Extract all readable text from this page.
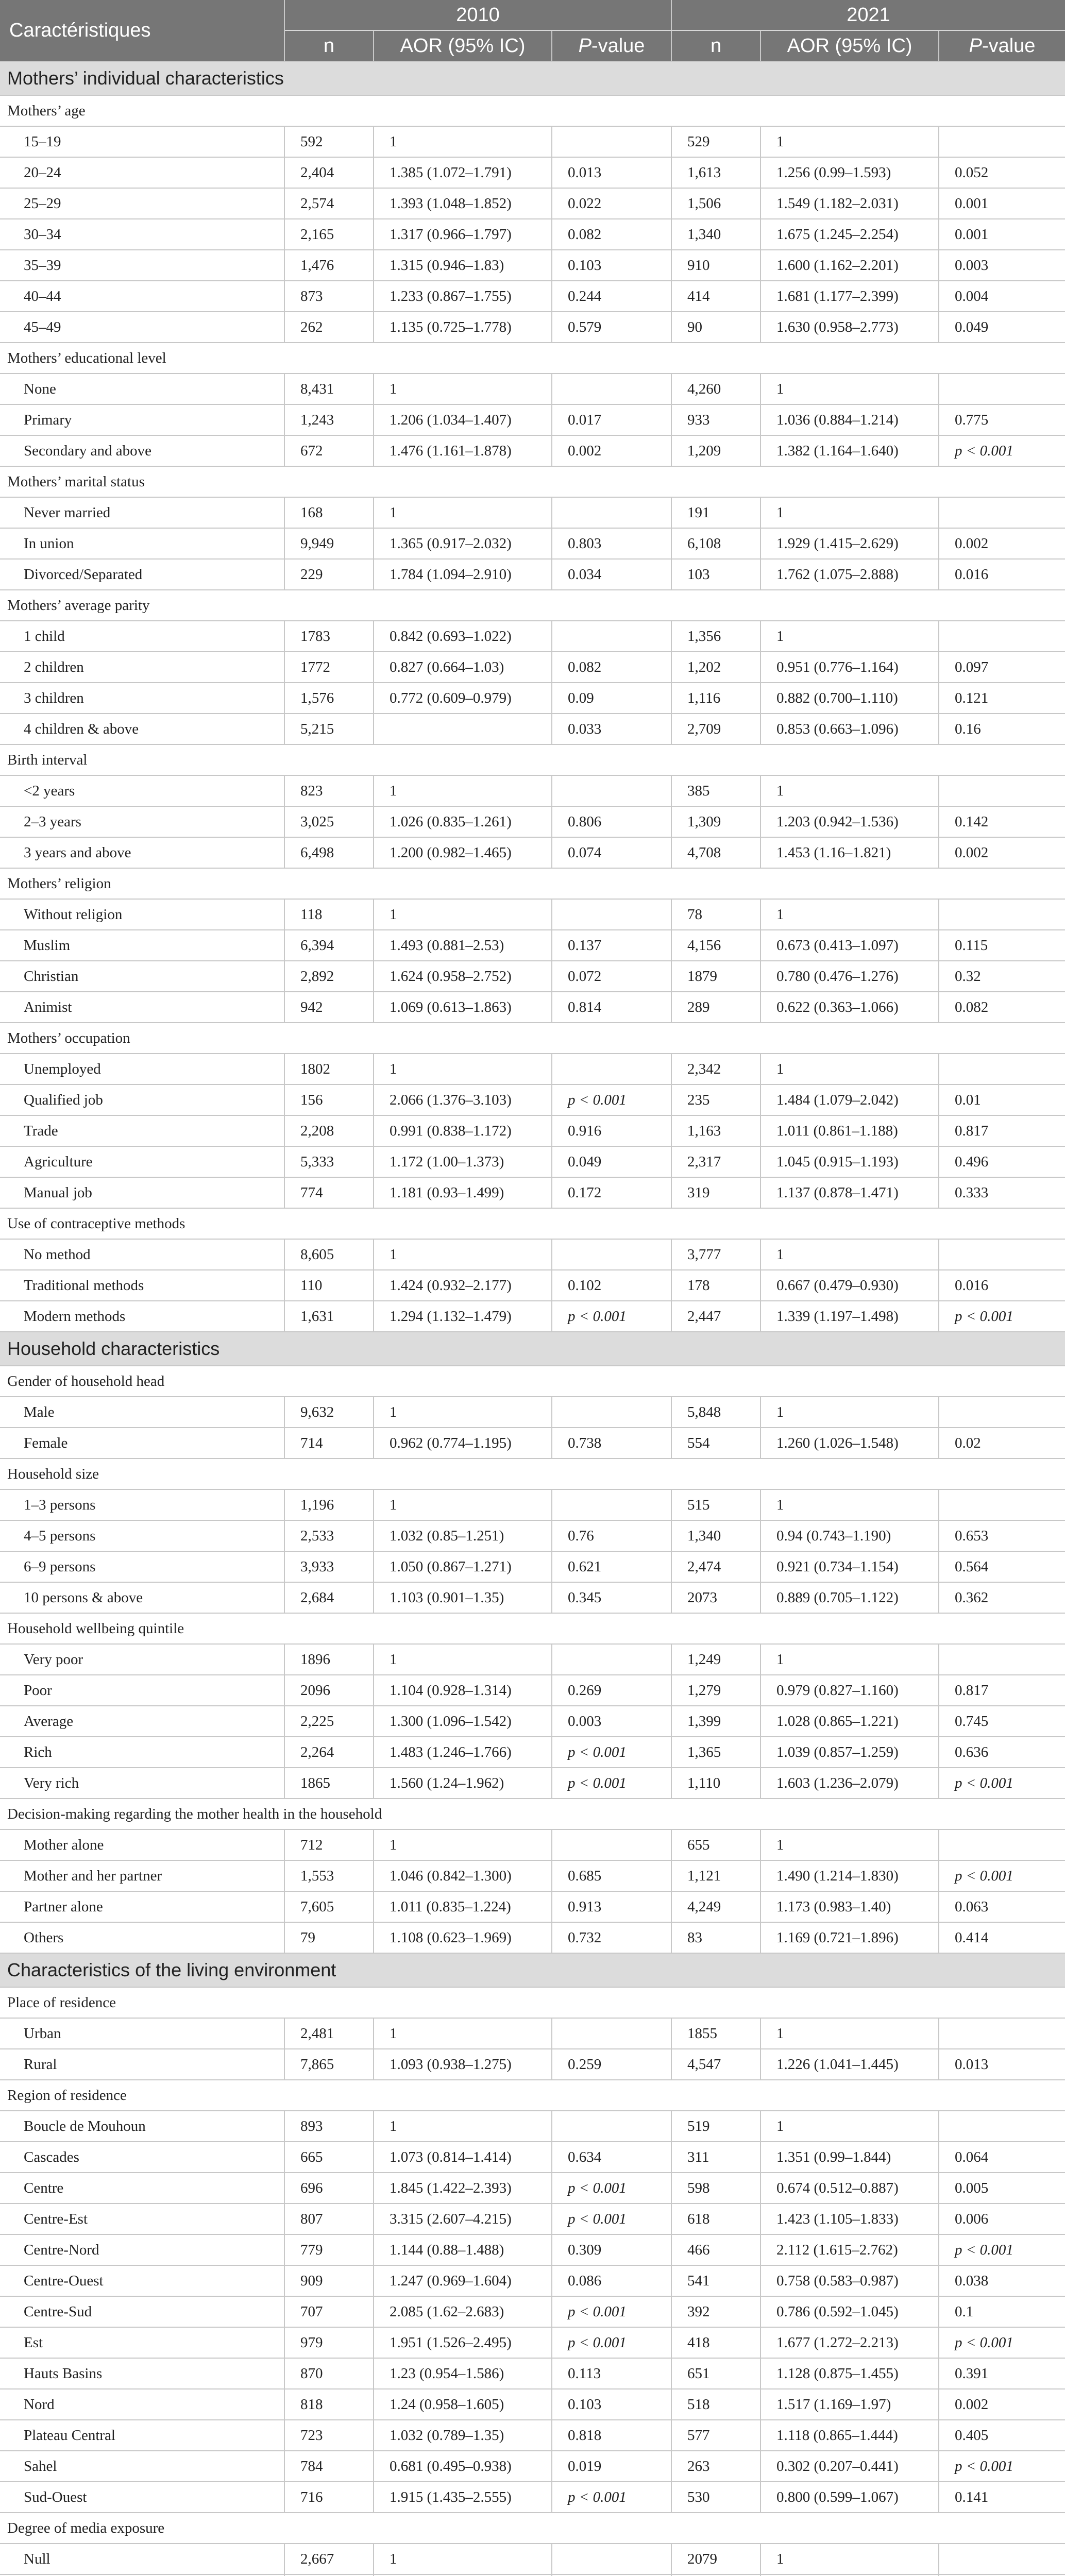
Caractéristiques	2010			2021		
	n	AOR (95% IC)	P-value	n	AOR (95% IC)	P-value
Mothers’ individual characteristics						
Mothers’ age						
15–19	592	1		529	1	
20–24	2,404	1.385 (1.072–1.791)	0.013	1,613	1.256 (0.99–1.593)	0.052
25–29	2,574	1.393 (1.048–1.852)	0.022	1,506	1.549 (1.182–2.031)	0.001
30–34	2,165	1.317 (0.966–1.797)	0.082	1,340	1.675 (1.245–2.254)	0.001
35–39	1,476	1.315 (0.946–1.83)	0.103	910	1.600 (1.162–2.201)	0.003
40–44	873	1.233 (0.867–1.755)	0.244	414	1.681 (1.177–2.399)	0.004
45–49	262	1.135 (0.725–1.778)	0.579	90	1.630 (0.958–2.773)	0.049
Mothers’ educational level						
None	8,431	1		4,260	1	
Primary	1,243	1.206 (1.034–1.407)	0.017	933	1.036 (0.884–1.214)	0.775
Secondary and above	672	1.476 (1.161–1.878)	0.002	1,209	1.382 (1.164–1.640)	p < 0.001
Mothers’ marital status						
Never married	168	1		191	1	
In union	9,949	1.365 (0.917–2.032)	0.803	6,108	1.929 (1.415–2.629)	0.002
Divorced/Separated	229	1.784 (1.094–2.910)	0.034	103	1.762 (1.075–2.888)	0.016
Mothers’ average parity						
1 child	1783	0.842 (0.693–1.022)		1,356	1	
2 children	1772	0.827 (0.664–1.03)	0.082	1,202	0.951 (0.776–1.164)	0.097
3 children	1,576	0.772 (0.609–0.979)	0.09	1,116	0.882 (0.700–1.110)	0.121
4 children & above	5,215		0.033	2,709	0.853 (0.663–1.096)	0.16
Birth interval						
<2 years	823	1		385	1	
2–3 years	3,025	1.026 (0.835–1.261)	0.806	1,309	1.203 (0.942–1.536)	0.142
3 years and above	6,498	1.200 (0.982–1.465)	0.074	4,708	1.453 (1.16–1.821)	0.002
Mothers’ religion						
Without religion	118	1		78	1	
Muslim	6,394	1.493 (0.881–2.53)	0.137	4,156	0.673 (0.413–1.097)	0.115
Christian	2,892	1.624 (0.958–2.752)	0.072	1879	0.780 (0.476–1.276)	0.32
Animist	942	1.069 (0.613–1.863)	0.814	289	0.622 (0.363–1.066)	0.082
Mothers’ occupation						
Unemployed	1802	1		2,342	1	
Qualified job	156	2.066 (1.376–3.103)	p < 0.001	235	1.484 (1.079–2.042)	0.01
Trade	2,208	0.991 (0.838–1.172)	0.916	1,163	1.011 (0.861–1.188)	0.817
Agriculture	5,333	1.172 (1.00–1.373)	0.049	2,317	1.045 (0.915–1.193)	0.496
Manual job	774	1.181 (0.93–1.499)	0.172	319	1.137 (0.878–1.471)	0.333
Use of contraceptive methods						
No method	8,605	1		3,777	1	
Traditional methods	110	1.424 (0.932–2.177)	0.102	178	0.667 (0.479–0.930)	0.016
Modern methods	1,631	1.294 (1.132–1.479)	p < 0.001	2,447	1.339 (1.197–1.498)	p < 0.001
Household characteristics						
Gender of household head						
Male	9,632	1		5,848	1	
Female	714	0.962 (0.774–1.195)	0.738	554	1.260 (1.026–1.548)	0.02
Household size						
1–3 persons	1,196	1		515	1	
4–5 persons	2,533	1.032 (0.85–1.251)	0.76	1,340	0.94 (0.743–1.190)	0.653
6–9 persons	3,933	1.050 (0.867–1.271)	0.621	2,474	0.921 (0.734–1.154)	0.564
10 persons & above	2,684	1.103 (0.901–1.35)	0.345	2073	0.889 (0.705–1.122)	0.362
Household wellbeing quintile						
Very poor	1896	1		1,249	1	
Poor	2096	1.104 (0.928–1.314)	0.269	1,279	0.979 (0.827–1.160)	0.817
Average	2,225	1.300 (1.096–1.542)	0.003	1,399	1.028 (0.865–1.221)	0.745
Rich	2,264	1.483 (1.246–1.766)	p < 0.001	1,365	1.039 (0.857–1.259)	0.636
Very rich	1865	1.560 (1.24–1.962)	p < 0.001	1,110	1.603 (1.236–2.079)	p < 0.001
Decision-making regarding the mother health in the household						
Mother alone	712	1		655	1	
Mother and her partner	1,553	1.046 (0.842–1.300)	0.685	1,121	1.490 (1.214–1.830)	p < 0.001
Partner alone	7,605	1.011 (0.835–1.224)	0.913	4,249	1.173 (0.983–1.40)	0.063
Others	79	1.108 (0.623–1.969)	0.732	83	1.169 (0.721–1.896)	0.414
Characteristics of the living environment						
Place of residence						
Urban	2,481	1		1855	1	
Rural	7,865	1.093 (0.938–1.275)	0.259	4,547	1.226 (1.041–1.445)	0.013
Region of residence						
Boucle de Mouhoun	893	1		519	1	
Cascades	665	1.073 (0.814–1.414)	0.634	311	1.351 (0.99–1.844)	0.064
Centre	696	1.845 (1.422–2.393)	p < 0.001	598	0.674 (0.512–0.887)	0.005
Centre-Est	807	3.315 (2.607–4.215)	p < 0.001	618	1.423 (1.105–1.833)	0.006
Centre-Nord	779	1.144 (0.88–1.488)	0.309	466	2.112 (1.615–2.762)	p < 0.001
Centre-Ouest	909	1.247 (0.969–1.604)	0.086	541	0.758 (0.583–0.987)	0.038
Centre-Sud	707	2.085 (1.62–2.683)	p < 0.001	392	0.786 (0.592–1.045)	0.1
Est	979	1.951 (1.526–2.495)	p < 0.001	418	1.677 (1.272–2.213)	p < 0.001
Hauts Basins	870	1.23 (0.954–1.586)	0.113	651	1.128 (0.875–1.455)	0.391
Nord	818	1.24 (0.958–1.605)	0.103	518	1.517 (1.169–1.97)	0.002
Plateau Central	723	1.032 (0.789–1.35)	0.818	577	1.118 (0.865–1.444)	0.405
Sahel	784	0.681 (0.495–0.938)	0.019	263	0.302 (0.207–0.441)	p < 0.001
Sud-Ouest	716	1.915 (1.435–2.555)	p < 0.001	530	0.800 (0.599–1.067)	0.141
Degree of media exposure						
Null	2,667	1		2079	1	
